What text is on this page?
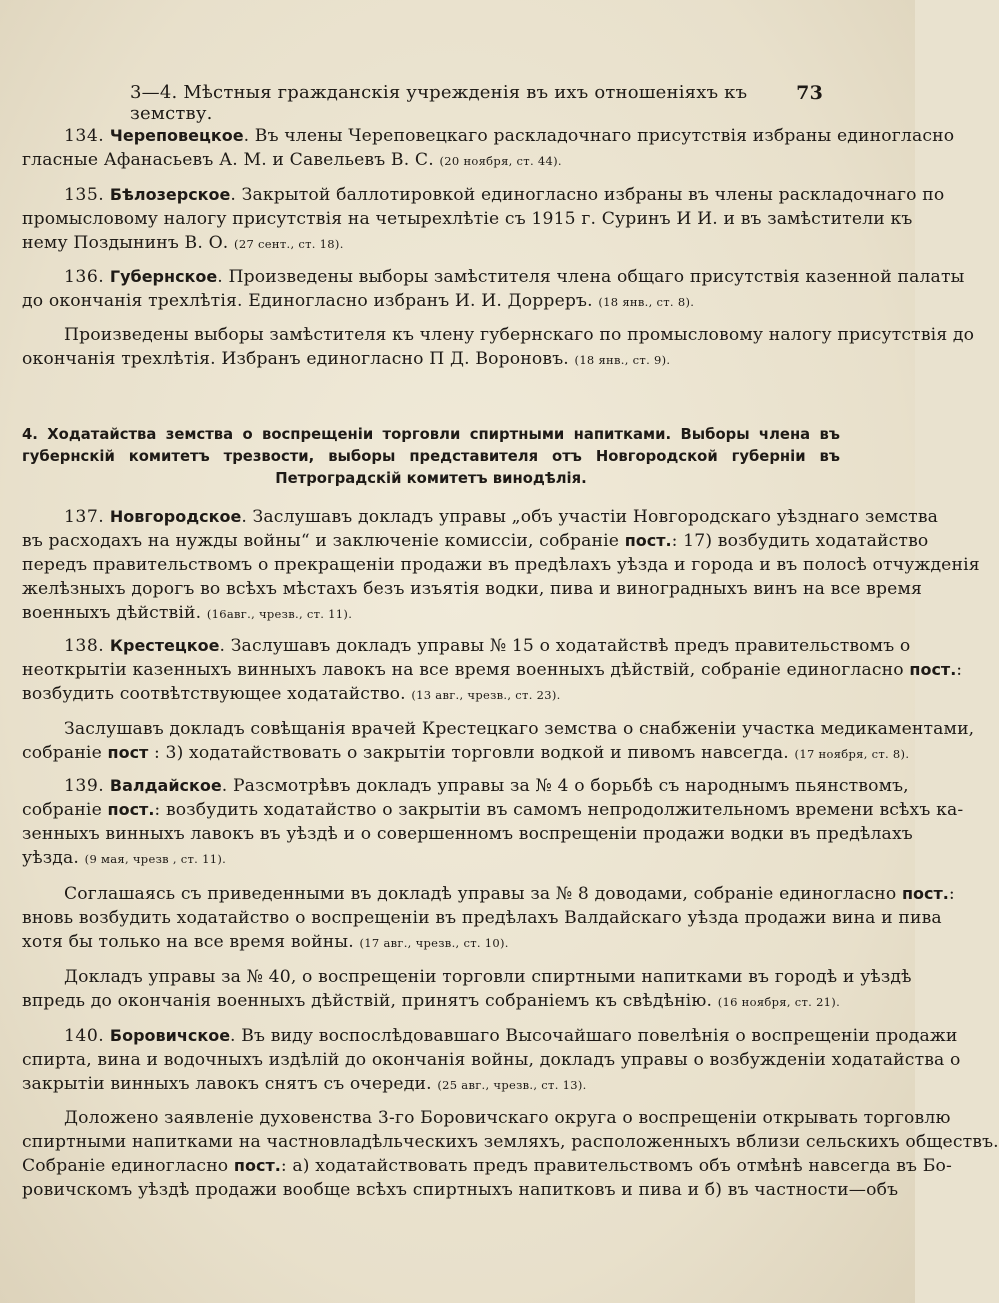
3—4. Мѣстныя гражданскія учрежденія въ ихъ отношеніяхъ къ земству.
73
134. Череповецкое. Въ члены Череповецкаго раскладочнаго присутствія избраны единогласно
гласные Афанасьевъ А. М. и Савельевъ В. С. (20 ноября, ст. 44).
135. Бѣлозерское. Закрытой баллотировкой единогласно избраны въ члены раскладочнаго по
промысловому налогу присутствія на четырехлѣтіе съ 1915 г. Суринъ И И. и въ замѣстители къ
нему Поздынинъ В. О. (27 сент., ст. 18).
136. Губернское. Произведены выборы замѣстителя члена общаго присутствія казенной палаты
до окончанія трехлѣтія. Единогласно избранъ И. И. Дорреръ. (18 янв., ст. 8).
Произведены выборы замѣстителя къ члену губернскаго по промысловому налогу присутствія до
окончанія трехлѣтія. Избранъ единогласно П Д. Вороновъ. (18 янв., ст. 9).
4. Ходатайства земства о воспрещеніи торговли спиртными напитками. Выборы члена въ
губернскій комитетъ трезвости, выборы представителя отъ Новгородской губерніи въ
Петроградскій комитетъ винодѣлія.
137. Новгородское. Заслушавъ докладъ управы „объ участіи Новгородскаго уѣзднаго земства
въ расходахъ на нужды войны“ и заключеніе комиссіи, собраніе пост.: 17) возбудить ходатайство
передъ правительствомъ о прекращеніи продажи въ предѣлахъ уѣзда и города и въ полосѣ отчужденія
желѣзныхъ дорогъ во всѣхъ мѣстахъ безъ изъятія водки, пива и виноградныхъ винъ на все время
военныхъ дѣйствій. (16авг., чрезв., ст. 11).
138. Крестецкое. Заслушавъ докладъ управы № 15 о ходатайствѣ предъ правительствомъ о
неоткрытіи казенныхъ винныхъ лавокъ на все время военныхъ дѣйствій, собраніе единогласно пост.:
возбудить соотвѣтствующее ходатайство. (13 авг., чрезв., ст. 23).
Заслушавъ докладъ совѣщанія врачей Крестецкаго земства о снабженіи участка медикаментами,
собраніе пост : 3) ходатайствовать о закрытіи торговли водкой и пивомъ навсегда. (17 ноября, ст. 8).
139. Валдайское. Разсмотрѣвъ докладъ управы за № 4 о борьбѣ съ народнымъ пьянствомъ,
собраніе пост.: возбудить ходатайство о закрытіи въ самомъ непродолжительномъ времени всѣхъ ка-
зенныхъ винныхъ лавокъ въ уѣздѣ и о совершенномъ воспрещеніи продажи водки въ предѣлахъ
уѣзда. (9 мая, чрезв , ст. 11).
Соглашаясь съ приведенными въ докладѣ управы за № 8 доводами, собраніе единогласно пост.:
вновь возбудить ходатайство о воспрещеніи въ предѣлахъ Валдайскаго уѣзда продажи вина и пива
хотя бы только на все время войны. (17 авг., чрезв., ст. 10).
Докладъ управы за № 40, о воспрещеніи торговли спиртными напитками въ городѣ и уѣздѣ
впредь до окончанія военныхъ дѣйствій, принятъ собраніемъ къ свѣдѣнію. (16 ноября, ст. 21).
140. Боровичское. Въ виду воспослѣдовавшаго Высочайшаго повелѣнія о воспрещеніи продажи
спирта, вина и водочныхъ издѣлій до окончанія войны, докладъ управы о возбужденіи ходатайства о
закрытіи винныхъ лавокъ снятъ съ очереди. (25 авг., чрезв., ст. 13).
Доложено заявленіе духовенства 3-го Боровичскаго округа о воспрещеніи открывать торговлю
спиртными напитками на частновладѣльческихъ земляхъ, расположенныхъ вблизи сельскихъ обществъ.
Собраніе единогласно пост.: а) ходатайствовать предъ правительствомъ объ отмѣнѣ навсегда въ Бо-
ровичскомъ уѣздѣ продажи вообще всѣхъ спиртныхъ напитковъ и пива и б) въ частности—объ
